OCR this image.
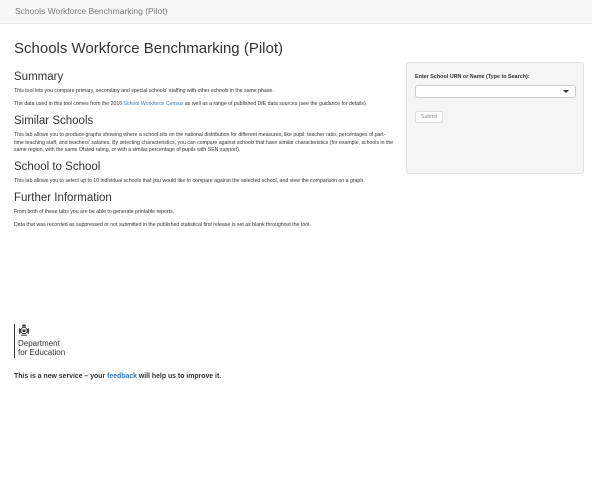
Schools Workforce Benchmarking (Pilot)
Schools Workforce Benchmarking (Pilot)
Summary

This tool lets you compare primary, secondary and special schools' staffing with other schools in the same phase.

The data used in this tool comes from the 2016 School Workforce Census as well as a range of published DfE data sources (see the guidance for details).

Similar Schools

This tab allows you to produce graphs showing where a school sits on the national distribution for different measures, like pupil: teacher ratio, percentages of part-time teaching staff, and teachers' salaries. By selecting characteristics, you can compare against schools that have similar characteristics (for example, schools in the same region, with the same Ofsted rating, or with a similar percentage of pupils with SEN support).

School to School

This tab allows you to select up to 10 individual schools that you would like to compare against the selected school, and view the comparison on a graph.

Further Information

From both of these tabs you are be able to generate printable reports.

Data that was recorded as suppressed or not submitted in the published statistical first release is set as blank throughout the tool.

Enter School URN or Name (Type to Search):
Submit
Department
for Education
This is a new service – your feedback will help us to improve it.
